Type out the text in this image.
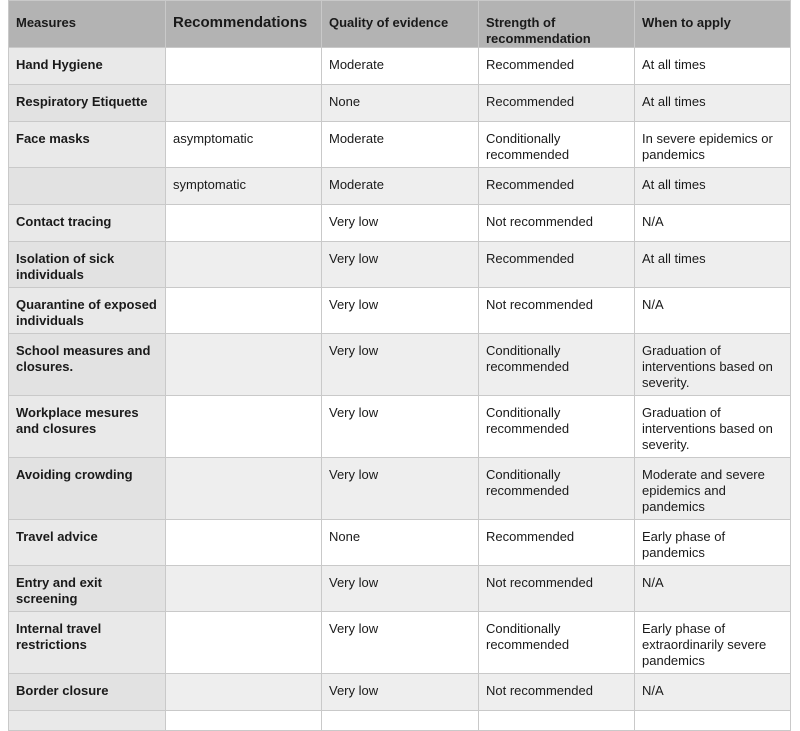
Measures	Recommendations	Quality of evidence	Strength of recommendation	When to apply
Hand Hygiene		Moderate	Recommended	At all times
Respiratory Etiquette		None	Recommended	At all times
Face masks	asymptomatic	Moderate	Conditionally recommended	In severe epidemics or pandemics
	symptomatic	Moderate	Recommended	At all times
Contact tracing		Very low	Not recommended	N/A
Isolation of sick individuals		Very low	Recommended	At all times
Quarantine of exposed individuals		Very low	Not recommended	N/A
School measures and closures.		Very low	Conditionally recommended	Graduation of interventions based on severity.
Workplace mesures and closures		Very low	Conditionally recommended	Graduation of interventions based on severity.
Avoiding crowding		Very low	Conditionally recommended	Moderate and severe epidemics and pandemics
Travel advice		None	Recommended	Early phase of pandemics
Entry and exit screening		Very low	Not recommended	N/A
Internal travel restrictions		Very low	Conditionally recommended	Early phase of extraordinarily severe pandemics
Border closure		Very low	Not recommended	N/A
